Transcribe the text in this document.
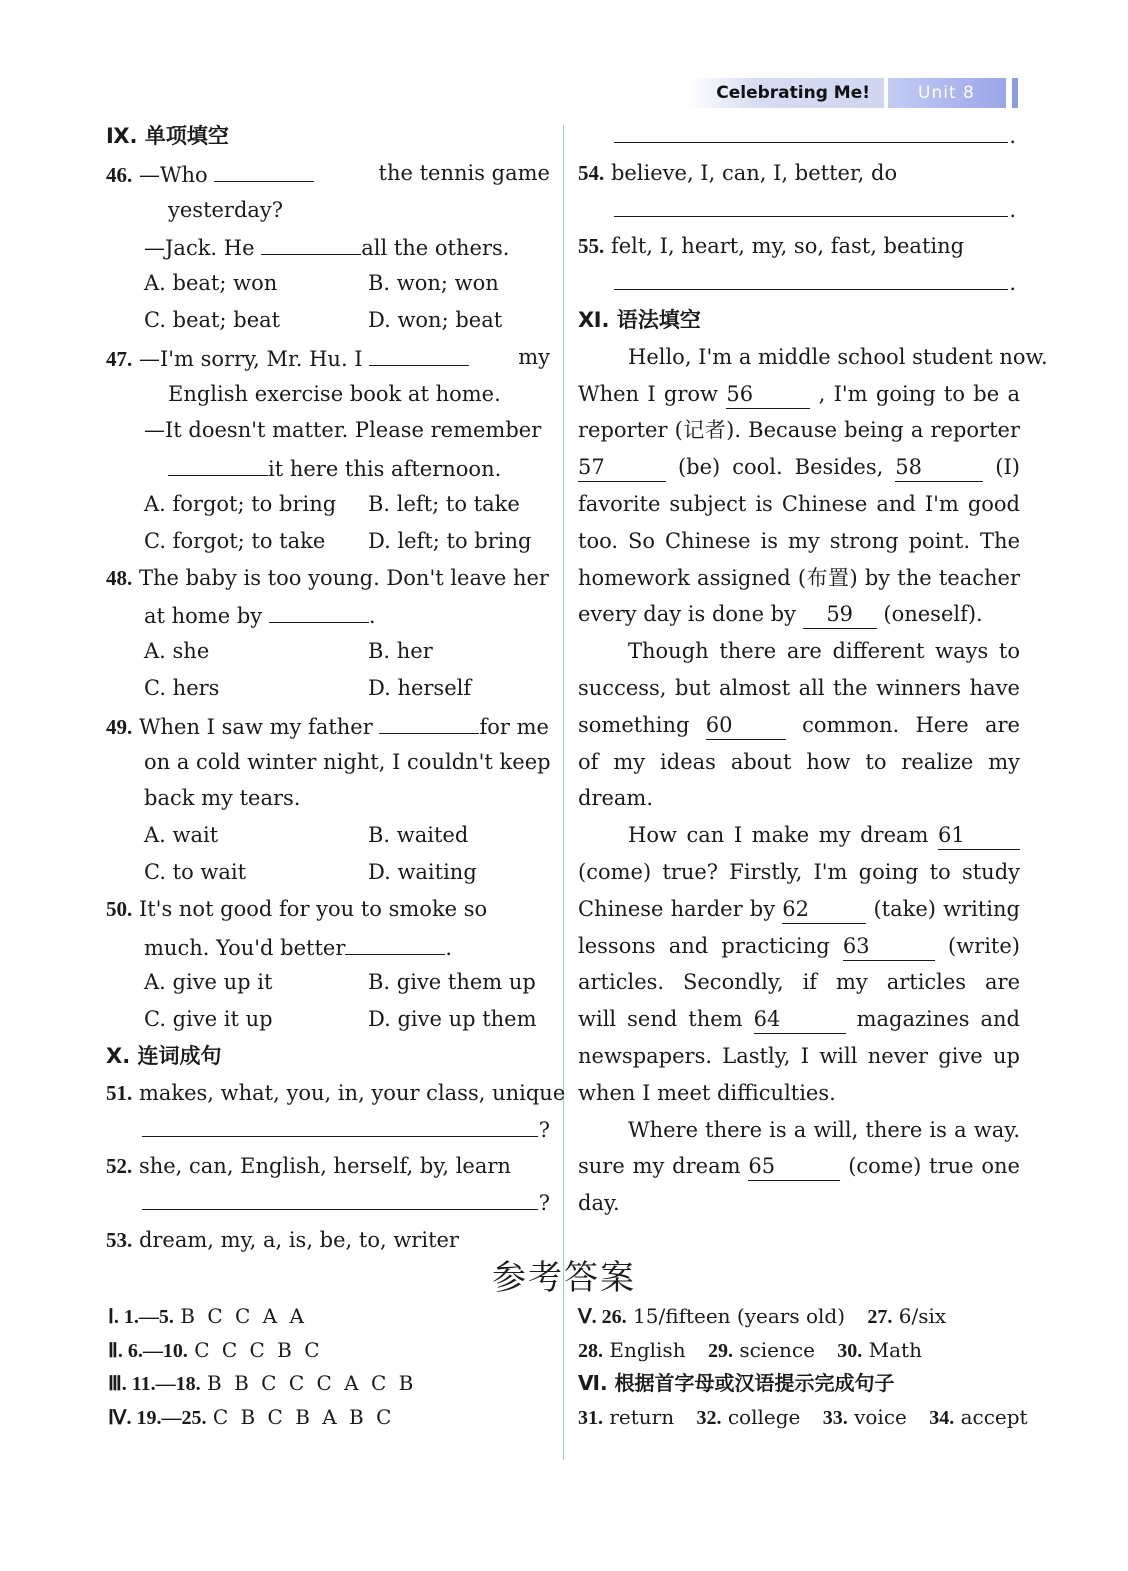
Celebrating Me!	Unit 8
Ⅸ. 单项填空
46. —Who	the tennis game
yesterday?
—Jack. He	all the others.
A. beat; won	B. won; won
C. beat; beat	D. won; beat
47. —I'm sorry, Mr. Hu. I	my
English exercise book at home.
—It doesn't matter. Please remember
it here this afternoon.
A. forgot; to bring B. left; to take
C. forgot; to take D. left; to bring
48. The baby is too young. Don't leave her
at home by	.
A. she	B. her
C. hers	D. herself
49. When I saw my father	for me
on a cold winter night, I couldn't keep
back my tears.
A. wait	B. waited
C. to wait	D. waiting
50. It's not good for you to smoke so
much. You'd better	.
A. give up it	B. give them up
C. give it up	D. give up them
Ⅹ. 连词成句
51. makes, what, you, in, your class, unique
?
52. she, can, English, herself, by, learn
?
53. dream, my, a, is, be, to, writer
.
54. believe, I, can, I, better, do
.
55. felt, I, heart, my, so, fast, beating
.
Ⅺ. 语法填空
Hello, I'm a middle school student now.
When I grow 56	, I'm going to be a
reporter (记者). Because being a reporter
57	(be) cool. Besides, 58	(I)
favorite subject is Chinese and I'm good
too. So Chinese is my strong point. The
homework assigned (布置) by the teacher
every day is done by 59 (oneself).
Though there are different ways to
success, but almost all the winners have
something 60	common. Here are
of my ideas about how to realize my
dream.
How can I make my dream 61
(come) true? Firstly, I'm going to study
Chinese harder by 62	(take) writing
lessons and practicing 63	(write)
articles. Secondly, if my articles are
will send them 64	magazines and
newspapers. Lastly, I will never give up
when I meet difficulties.
Where there is a will, there is a way.
sure my dream 65	(come) true one
day.
参考答案
Ⅰ. 1.—5. B C C A A
Ⅱ. 6.—10. C C C B C
Ⅲ. 11.—18. B B C C C A C B
Ⅳ. 19.—25. C B C B A B C
Ⅴ. 26. 15/fifteen (years old) 27. 6/six
28. English 29. science 30. Math
Ⅵ. 根据首字母或汉语提示完成句子
31. return 32. college 33. voice 34. accept
